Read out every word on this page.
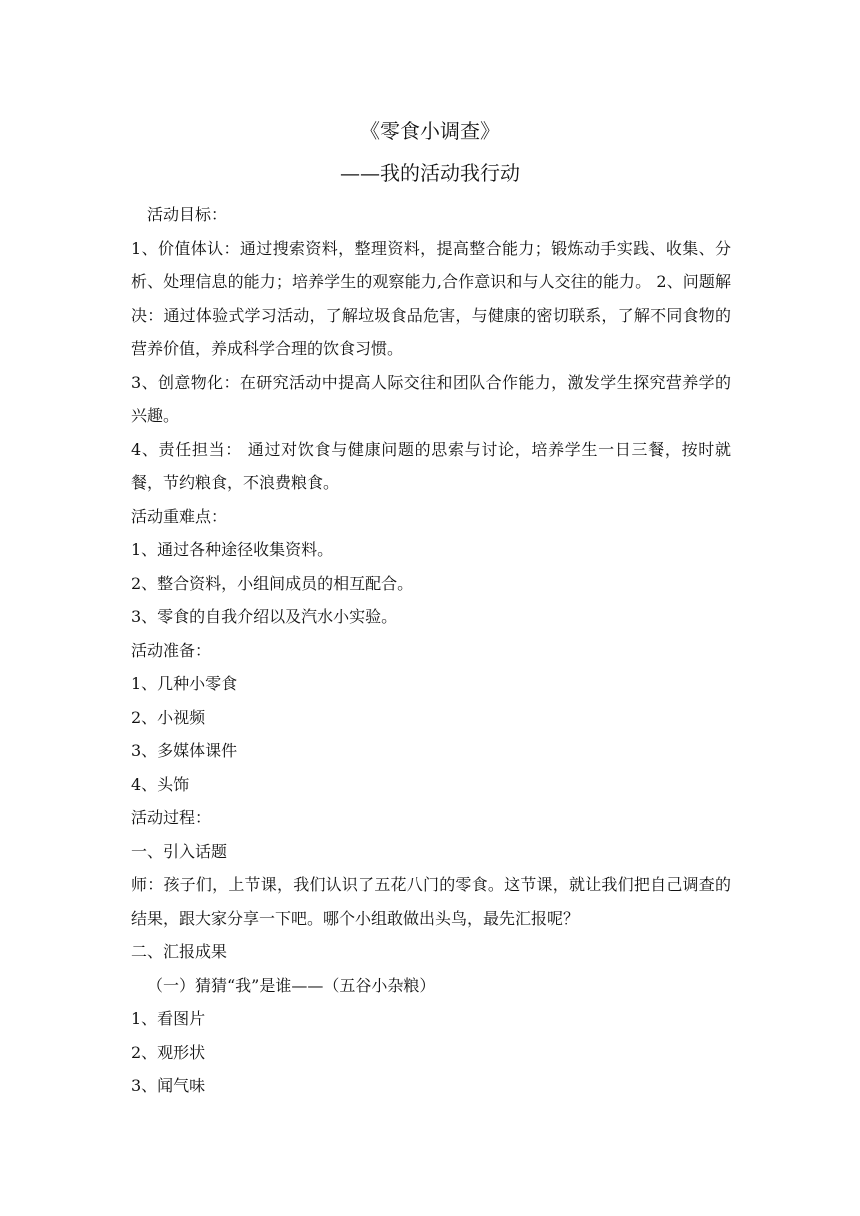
《零食小调查》
——我的活动我行动

活动目标：

1、价值体认：通过搜索资料，整理资料，提高整合能力；锻炼动手实践、收集、分析、处理信息的能力；培养学生的观察能力,合作意识和与人交往的能力。 2、问题解决：通过体验式学习活动，了解垃圾食品危害，与健康的密切联系，了解不同食物的营养价值，养成科学合理的饮食习惯。

3、创意物化：在研究活动中提高人际交往和团队合作能力，激发学生探究营养学的兴趣。

4、责任担当： 通过对饮食与健康问题的思索与讨论，培养学生一日三餐，按时就餐，节约粮食，不浪费粮食。

活动重难点：

1、通过各种途径收集资料。

2、整合资料，小组间成员的相互配合。

3、零食的自我介绍以及汽水小实验。

活动准备：

1、几种小零食

2、小视频

3、多媒体课件

4、头饰

活动过程：

一、引入话题

师：孩子们，上节课，我们认识了五花八门的零食。这节课，就让我们把自己调查的结果，跟大家分享一下吧。哪个小组敢做出头鸟，最先汇报呢？

二、汇报成果

（一）猜猜“我”是谁——（五谷小杂粮）

1、看图片

2、观形状

3、闻气味
